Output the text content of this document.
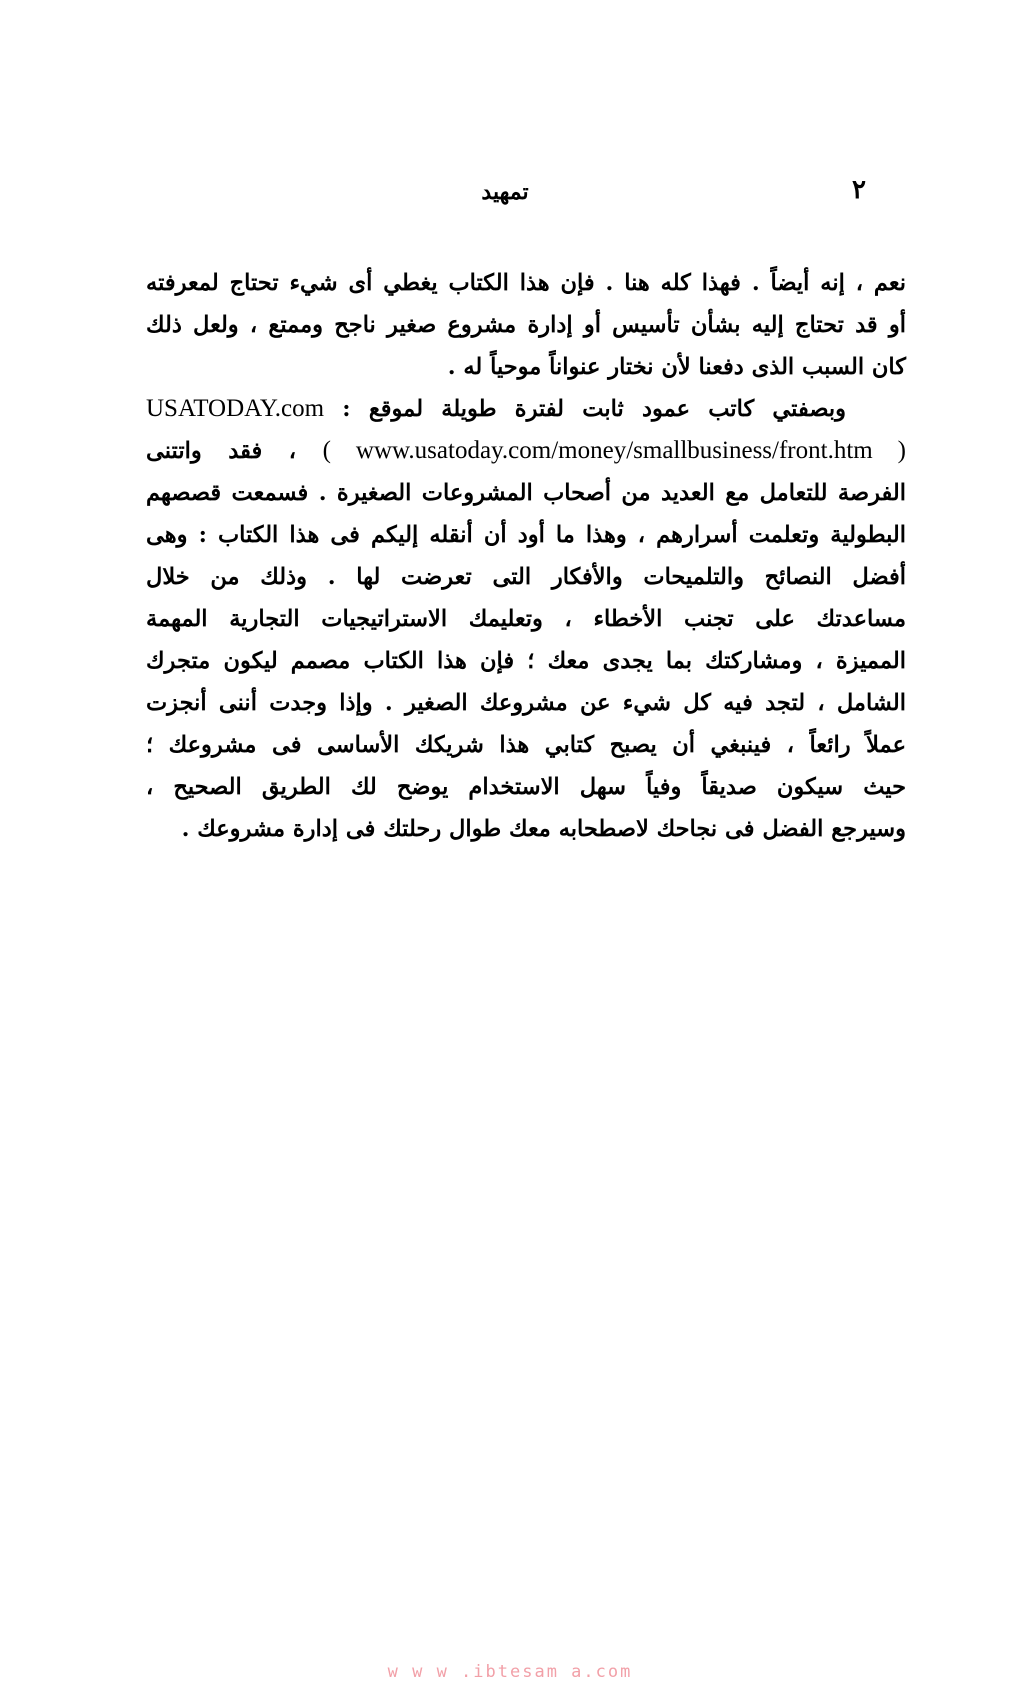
٢
تمهيد
نعم ، إنه أيضاً . فهذا كله هنا . فإن هذا الكتاب يغطي أى شيء تحتاج لمعرفته
أو قد تحتاج إليه بشأن تأسيس أو إدارة مشروع صغير ناجح وممتع ، ولعل ذلك
كان السبب الذى دفعنا لأن نختار عنواناً موحياً له .
وبصفتي كاتب عمود ثابت لفترة طويلة لموقع : USATODAY.com
( www.usatoday.com/money/smallbusiness/front.htm ) ، فقد واتتنى
الفرصة للتعامل مع العديد من أصحاب المشروعات الصغيرة . فسمعت قصصهم
البطولية وتعلمت أسرارهم ، وهذا ما أود أن أنقله إليكم فى هذا الكتاب : وهى
أفضل النصائح والتلميحات والأفكار التى تعرضت لها . وذلك من خلال
مساعدتك على تجنب الأخطاء ، وتعليمك الاستراتيجيات التجارية المهمة
المميزة ، ومشاركتك بما يجدى معك ؛ فإن هذا الكتاب مصمم ليكون متجرك
الشامل ، لتجد فيه كل شيء عن مشروعك الصغير . وإذا وجدت أننى أنجزت
عملاً رائعاً ، فينبغي أن يصبح كتابي هذا شريكك الأساسى فى مشروعك ؛
حيث سيكون صديقاً وفياً سهل الاستخدام يوضح لك الطريق الصحيح ،
وسيرجع الفضل فى نجاحك لاصطحابه معك طوال رحلتك فى إدارة مشروعك .
w w w .ibtesam a.com
